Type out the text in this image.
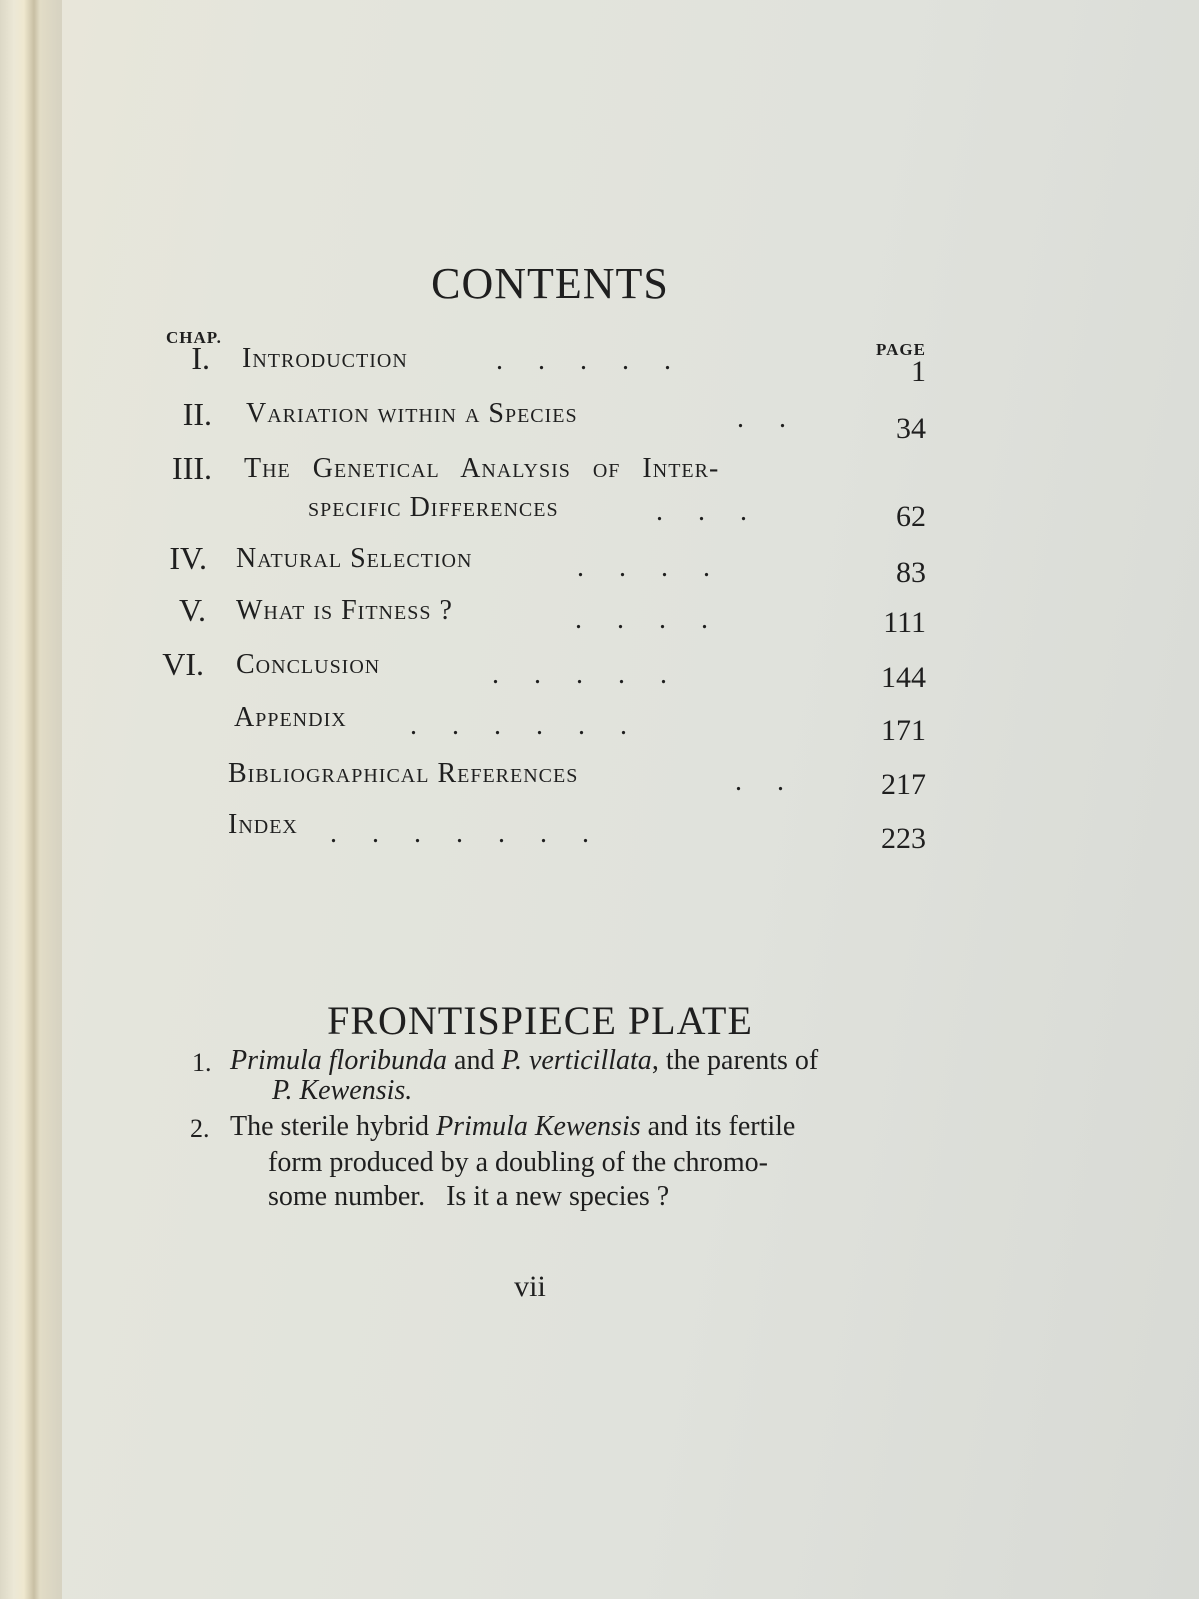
CONTENTS
CHAP.
PAGE
I. Introduction	.     .     .     .     .	1
II. Variation within a Species	.     .	34
III. The Genetical Analysis of Inter-
specific Differences	.     .     .	62
IV. Natural Selection	.     .     .     .	83
V. What is Fitness ?	.     .     .     .	111
VI. Conclusion	.     .     .     .     .	144
Appendix .     .     .     .     .     .	171
Bibliographical References	.     .	217
Index .     .     .     .     .     .     .	223
FRONTISPIECE PLATE
1. Primula floribunda and P. verticillata, the parents of
P. Kewensis.
2. The sterile hybrid Primula Kewensis and its fertile
form produced by a doubling of the chromo-
some number.   Is it a new species ?
vii
